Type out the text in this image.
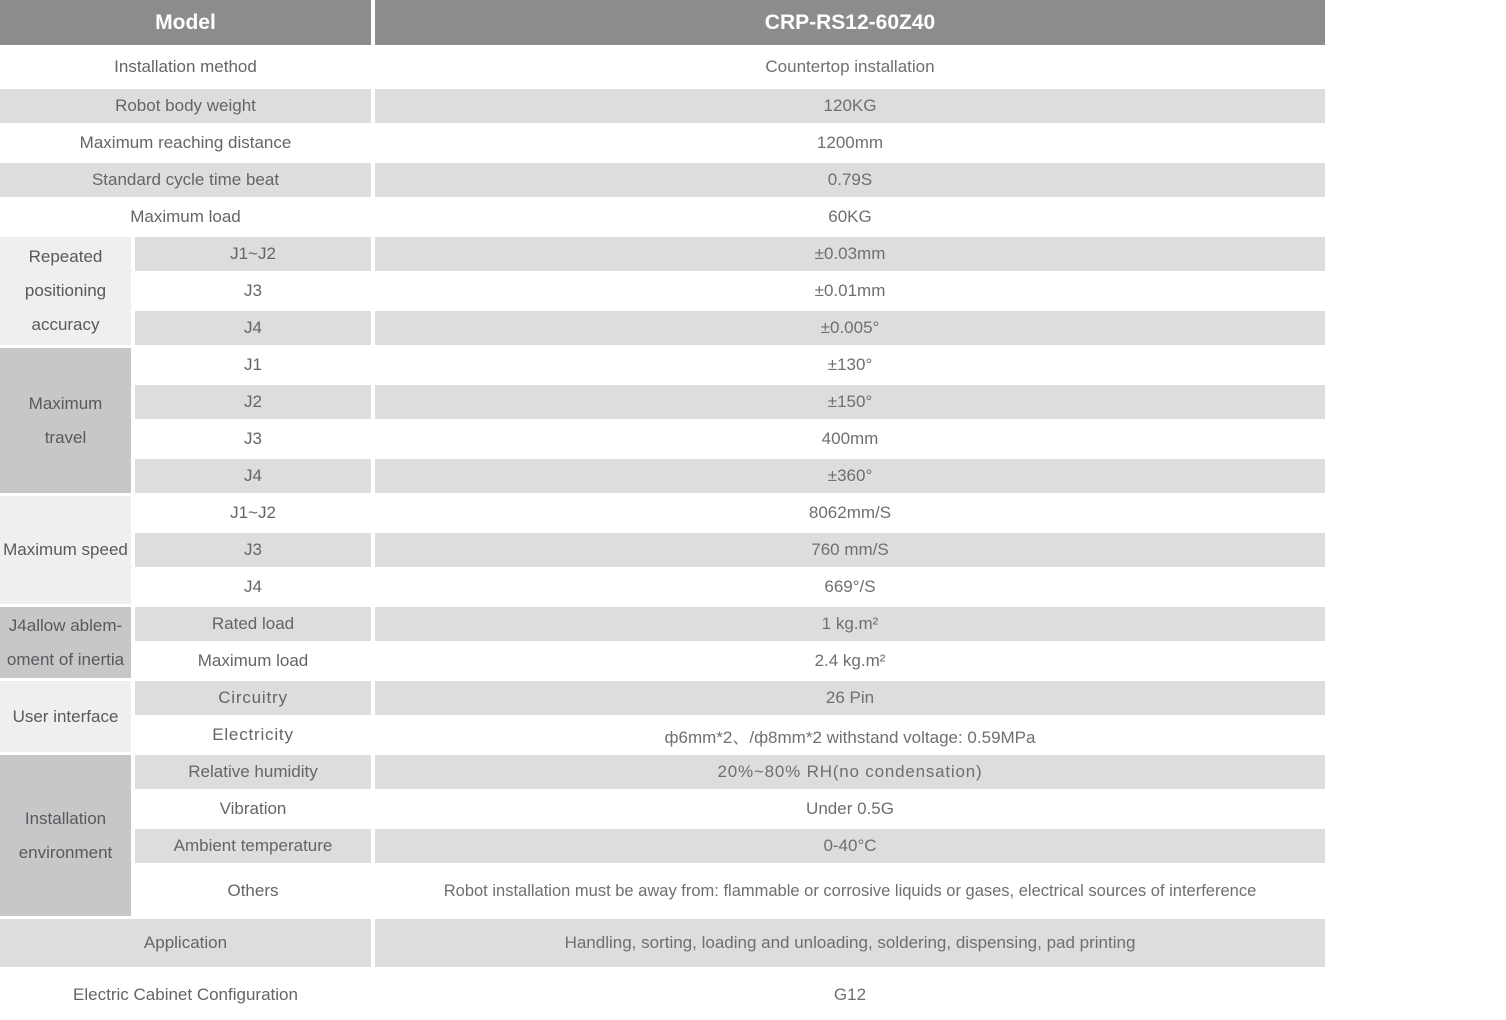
Model	CRP-RS12-60Z40
Installation method	Countertop installation
Robot body weight	120KG
Maximum reaching distance	1200mm
Standard cycle time beat	0.79S
Maximum load	60KG
Repeated
positioning
accuracy
J1~J2	±0.03mm
J3	±0.01mm
J4	±0.005°
Maximum
travel
J1	±130°
J2	±150°
J3	400mm
J4	±360°
Maximum speed
J1~J2	8062mm/S
J3	760 mm/S
J4	669°/S
J4allow ablem-
oment of inertia
Rated load	1 kg.m²
Maximum load	2.4 kg.m²
User interface
Circuitry	26 Pin
Electricity	ф6mm*2、/ф8mm*2 withstand voltage: 0.59MPa
Installation
environment
Relative humidity	20%~80% RH(no condensation)
Vibration	Under 0.5G
Ambient temperature	0-40°C
Others	Robot installation must be away from: flammable or corrosive liquids or gases, electrical sources of interference
Application	Handling, sorting, loading and unloading, soldering, dispensing, pad printing
Electric Cabinet Configuration	G12
